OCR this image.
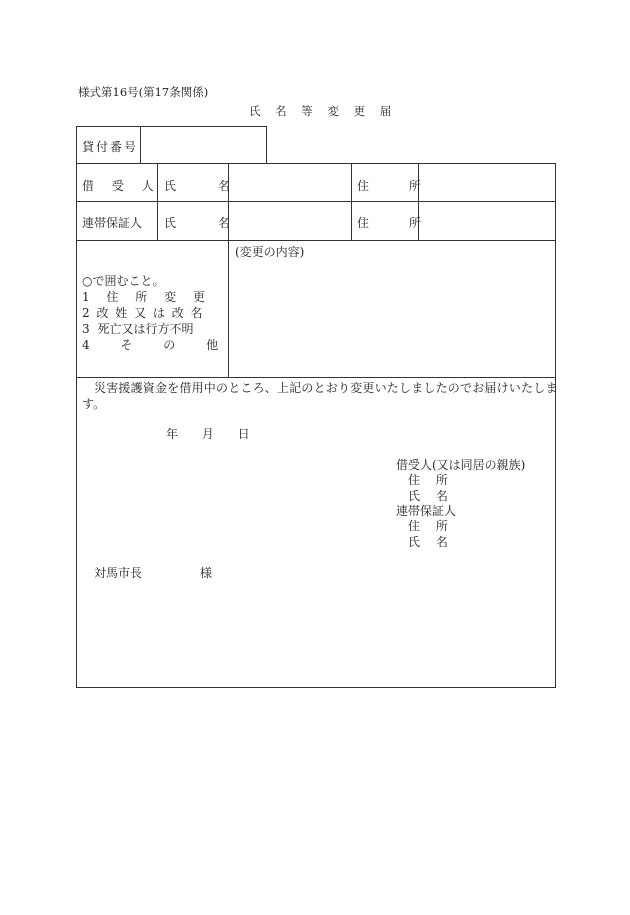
様式第16号(第17条関係)
氏 名 等 変 更 届
貸付番号
借 受 人 氏 名	住 所
連帯保証人 氏 名	住 所
○で囲むこと。
1 住 所 変 更
2 改 姓 又 は 改 名
3 死亡又は行方不明
4 そ の 他
(変更の内容)
災害援護資金を借用中のところ、上記のとおり変更いたしましたのでお届けいたしま
す。
年 月 日
借受人(又は同居の親族)
住 所
氏 名
連帯保証人
住 所
氏 名
対馬市長	様
